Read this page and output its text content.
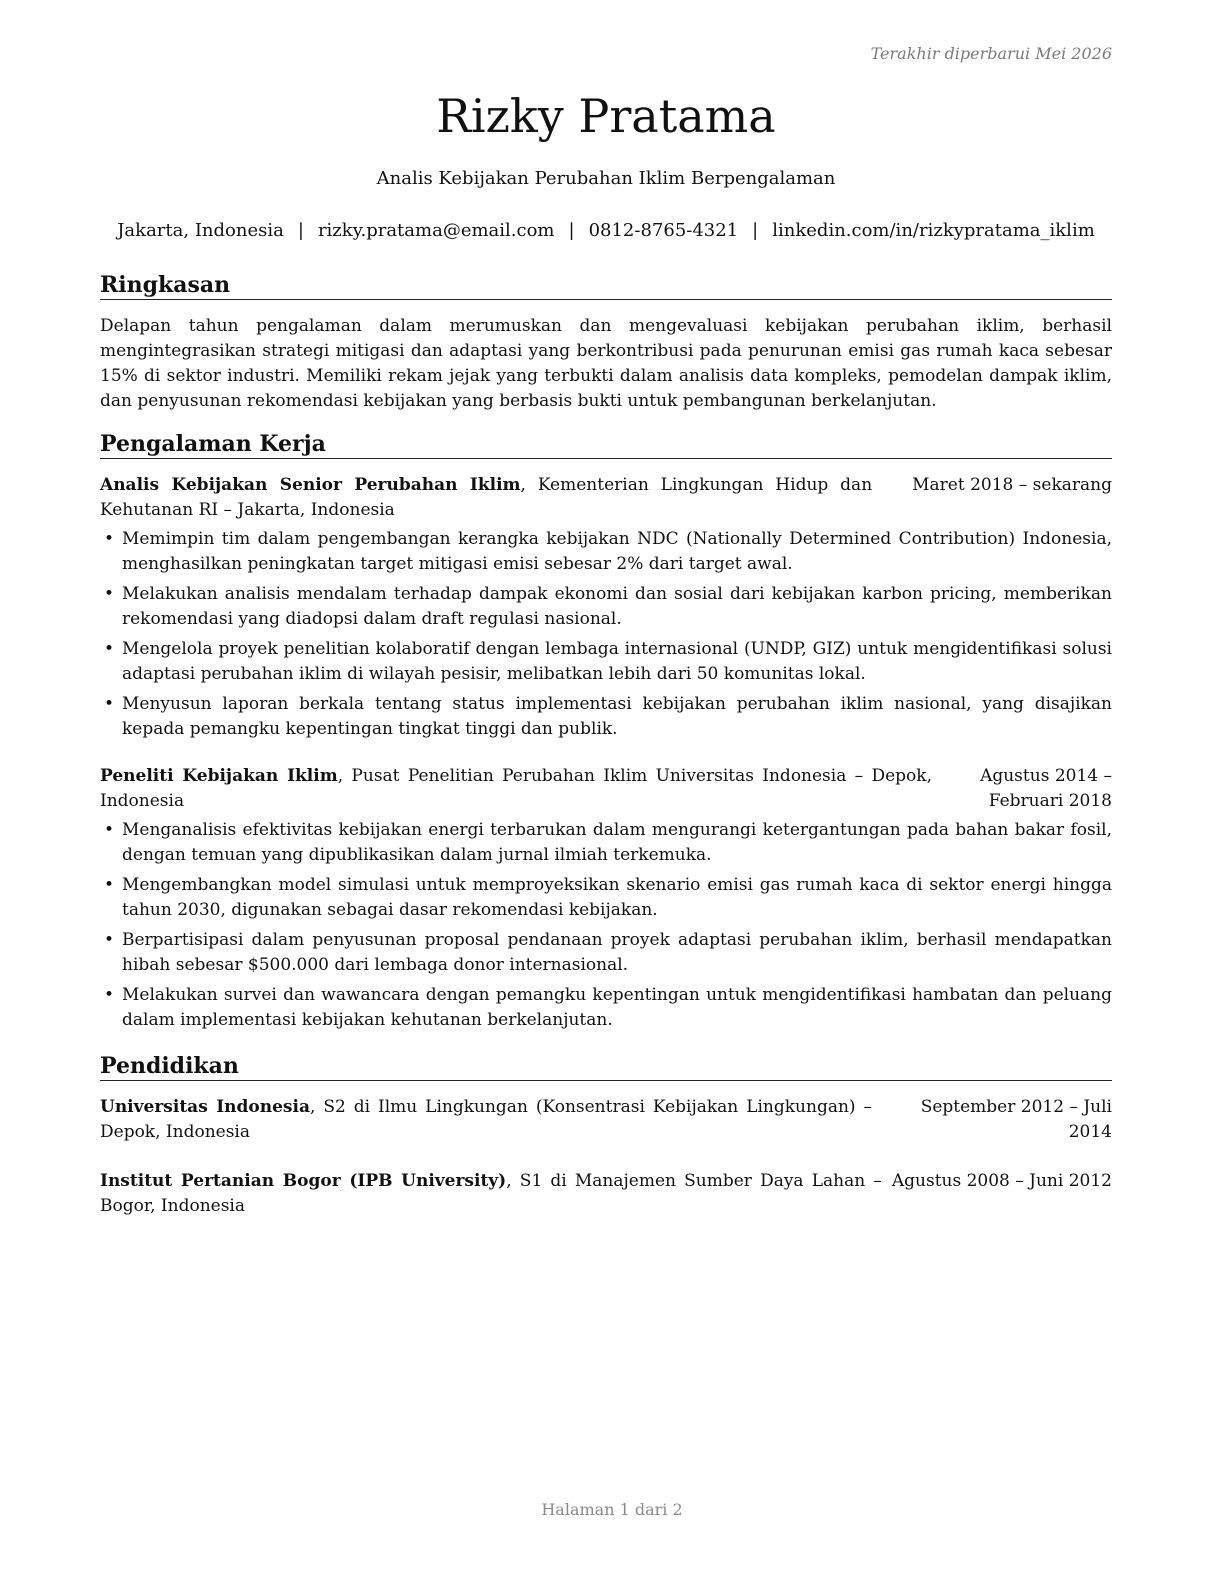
Terakhir diperbarui Mei 2026
Rizky Pratama
Analis Kebijakan Perubahan Iklim Berpengalaman
Jakarta, Indonesia | rizky.pratama@email.com | 0812-8765-4321 | linkedin.com/in/rizkypratama_iklim
Ringkasan

Delapan tahun pengalaman dalam merumuskan dan mengevaluasi kebijakan perubahan iklim, berhasil mengintegrasikan strategi mitigasi dan adaptasi yang berkontribusi pada penurunan emisi gas rumah kaca sebesar 15% di sektor industri. Memiliki rekam jejak yang terbukti dalam analisis data kompleks, pemodelan dampak iklim, dan penyusunan rekomendasi kebijakan yang berbasis bukti untuk pembangunan berkelanjutan.

Pengalaman Kerja
Analis Kebijakan Senior Perubahan Iklim, Kementerian Lingkungan Hidup dan Kehutanan RI – Jakarta, Indonesia
Maret 2018 – sekarang
• Memimpin tim dalam pengembangan kerangka kebijakan NDC (Nationally Determined Contribution) Indonesia, menghasilkan peningkatan target mitigasi emisi sebesar 2% dari target awal.
• Melakukan analisis mendalam terhadap dampak ekonomi dan sosial dari kebijakan karbon pricing, memberikan rekomendasi yang diadopsi dalam draft regulasi nasional.
• Mengelola proyek penelitian kolaboratif dengan lembaga internasional (UNDP, GIZ) untuk mengidentifikasi solusi adaptasi perubahan iklim di wilayah pesisir, melibatkan lebih dari 50 komunitas lokal.
• Menyusun laporan berkala tentang status implementasi kebijakan perubahan iklim nasional, yang disajikan kepada pemangku kepentingan tingkat tinggi dan publik.
Peneliti Kebijakan Iklim, Pusat Penelitian Perubahan Iklim Universitas Indonesia – Depok, Indonesia
Agustus 2014 – Februari 2018
• Menganalisis efektivitas kebijakan energi terbarukan dalam mengurangi ketergantungan pada bahan bakar fosil, dengan temuan yang dipublikasikan dalam jurnal ilmiah terkemuka.
• Mengembangkan model simulasi untuk memproyeksikan skenario emisi gas rumah kaca di sektor energi hingga tahun 2030, digunakan sebagai dasar rekomendasi kebijakan.
• Berpartisipasi dalam penyusunan proposal pendanaan proyek adaptasi perubahan iklim, berhasil mendapatkan hibah sebesar $500.000 dari lembaga donor internasional.
• Melakukan survei dan wawancara dengan pemangku kepentingan untuk mengidentifikasi hambatan dan peluang dalam implementasi kebijakan kehutanan berkelanjutan.
Pendidikan
Universitas Indonesia, S2 di Ilmu Lingkungan (Konsentrasi Kebijakan Lingkungan) – Depok, Indonesia
September 2012 – Juli 2014
Institut Pertanian Bogor (IPB University), S1 di Manajemen Sumber Daya Lahan – Bogor, Indonesia
Agustus 2008 – Juni 2012
Halaman 1 dari 2
